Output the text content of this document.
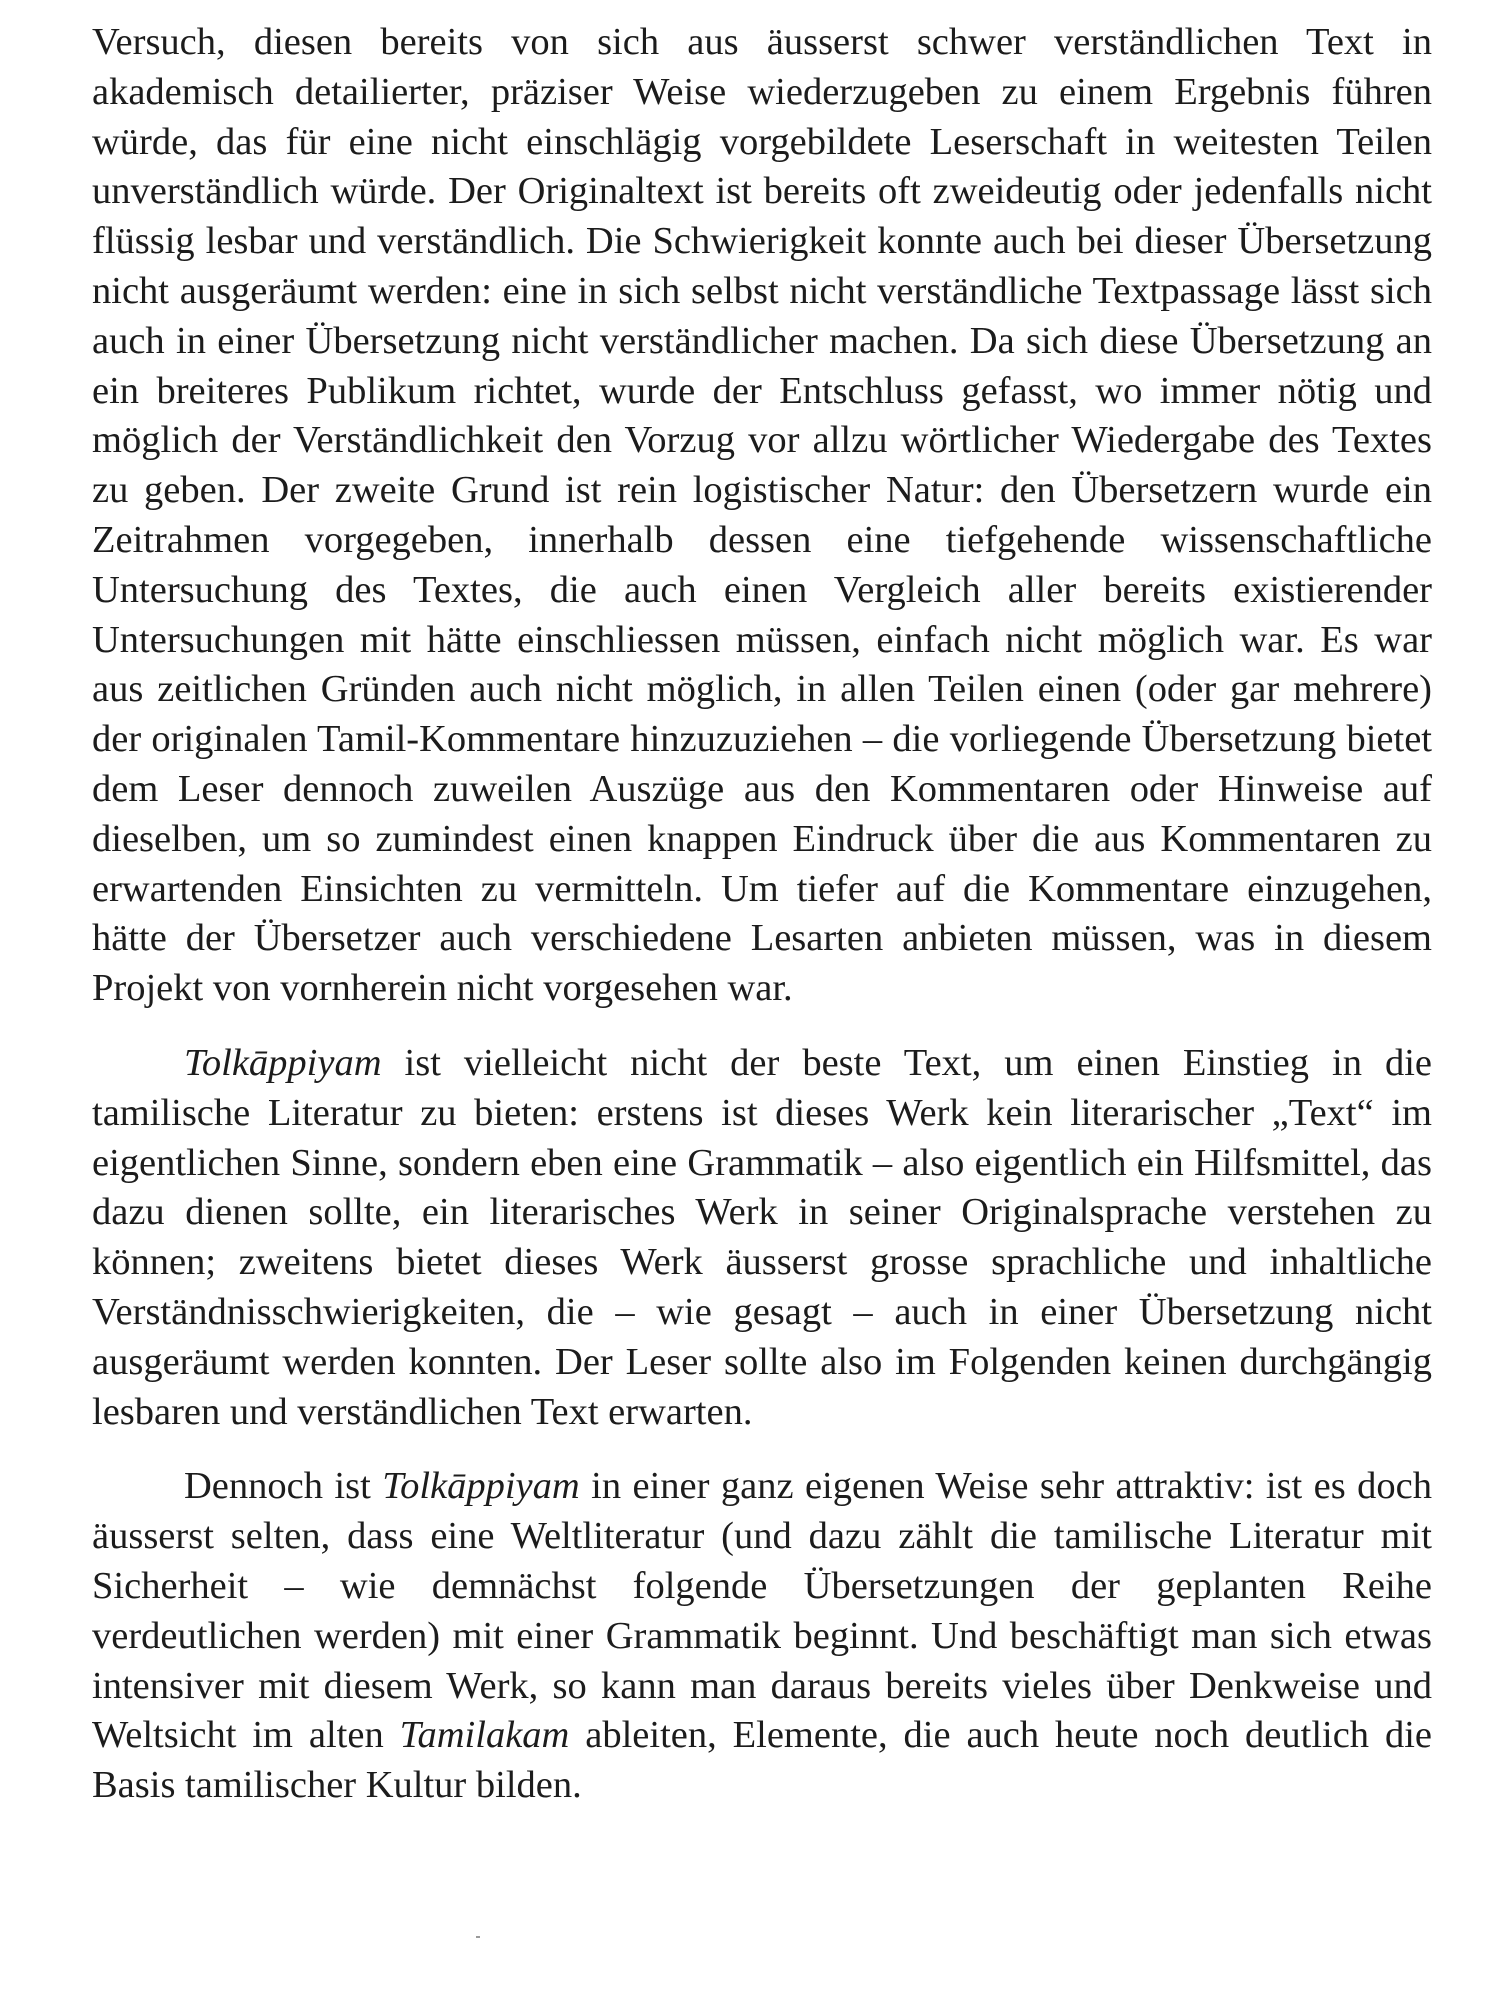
Versuch, diesen bereits von sich aus äusserst schwer verständlichen Text in akademisch detailierter, präziser Weise wiederzugeben zu einem Ergebnis führen würde, das für eine nicht einschlägig vorgebildete Leserschaft in weitesten Teilen unverständlich würde. Der Originaltext ist bereits oft zweideutig oder jedenfalls nicht flüssig lesbar und verständlich. Die Schwierigkeit konnte auch bei dieser Übersetzung nicht ausgeräumt werden: eine in sich selbst nicht verständliche Textpassage lässt sich auch in einer Übersetzung nicht verständlicher machen. Da sich diese Übersetzung an ein breiteres Publikum richtet, wurde der Entschluss gefasst, wo immer nötig und möglich der Verständlichkeit den Vorzug vor allzu wörtlicher Wiedergabe des Textes zu geben. Der zweite Grund ist rein logistischer Natur: den Übersetzern wurde ein Zeitrahmen vorgegeben, innerhalb dessen eine tiefgehende wissenschaftliche Untersuchung des Textes, die auch einen Vergleich aller bereits existierender Untersuchungen mit hätte einschliessen müssen, einfach nicht möglich war. Es war aus zeitlichen Gründen auch nicht möglich, in allen Teilen einen (oder gar mehrere) der originalen Tamil-Kommentare hinzuzuziehen – die vorliegende Übersetzung bietet dem Leser dennoch zuweilen Auszüge aus den Kommentaren oder Hinweise auf dieselben, um so zumindest einen knappen Eindruck über die aus Kommentaren zu erwartenden Einsichten zu vermitteln. Um tiefer auf die Kommentare einzugehen, hätte der Übersetzer auch verschiedene Lesarten anbieten müssen, was in diesem Projekt von vornherein nicht vorgesehen war.

Tolkāppiyam ist vielleicht nicht der beste Text, um einen Einstieg in die tamilische Literatur zu bieten: erstens ist dieses Werk kein literarischer „Text“ im eigentlichen Sinne, sondern eben eine Grammatik – also eigentlich ein Hilfsmittel, das dazu dienen sollte, ein literarisches Werk in seiner Originalsprache verstehen zu können; zweitens bietet dieses Werk äusserst grosse sprachliche und inhaltliche Verständnisschwierigkeiten, die – wie gesagt – auch in einer Übersetzung nicht ausgeräumt werden konnten. Der Leser sollte also im Folgenden keinen durchgängig lesbaren und verständlichen Text erwarten.

Dennoch ist Tolkāppiyam in einer ganz eigenen Weise sehr attraktiv: ist es doch äusserst selten, dass eine Weltliteratur (und dazu zählt die tamilische Literatur mit Sicherheit – wie demnächst folgende Übersetzungen der geplanten Reihe verdeutlichen werden) mit einer Grammatik beginnt. Und beschäftigt man sich etwas intensiver mit diesem Werk, so kann man daraus bereits vieles über Denkweise und Weltsicht im alten Tamilakam ableiten, Elemente, die auch heute noch deutlich die Basis tamilischer Kultur bilden.
